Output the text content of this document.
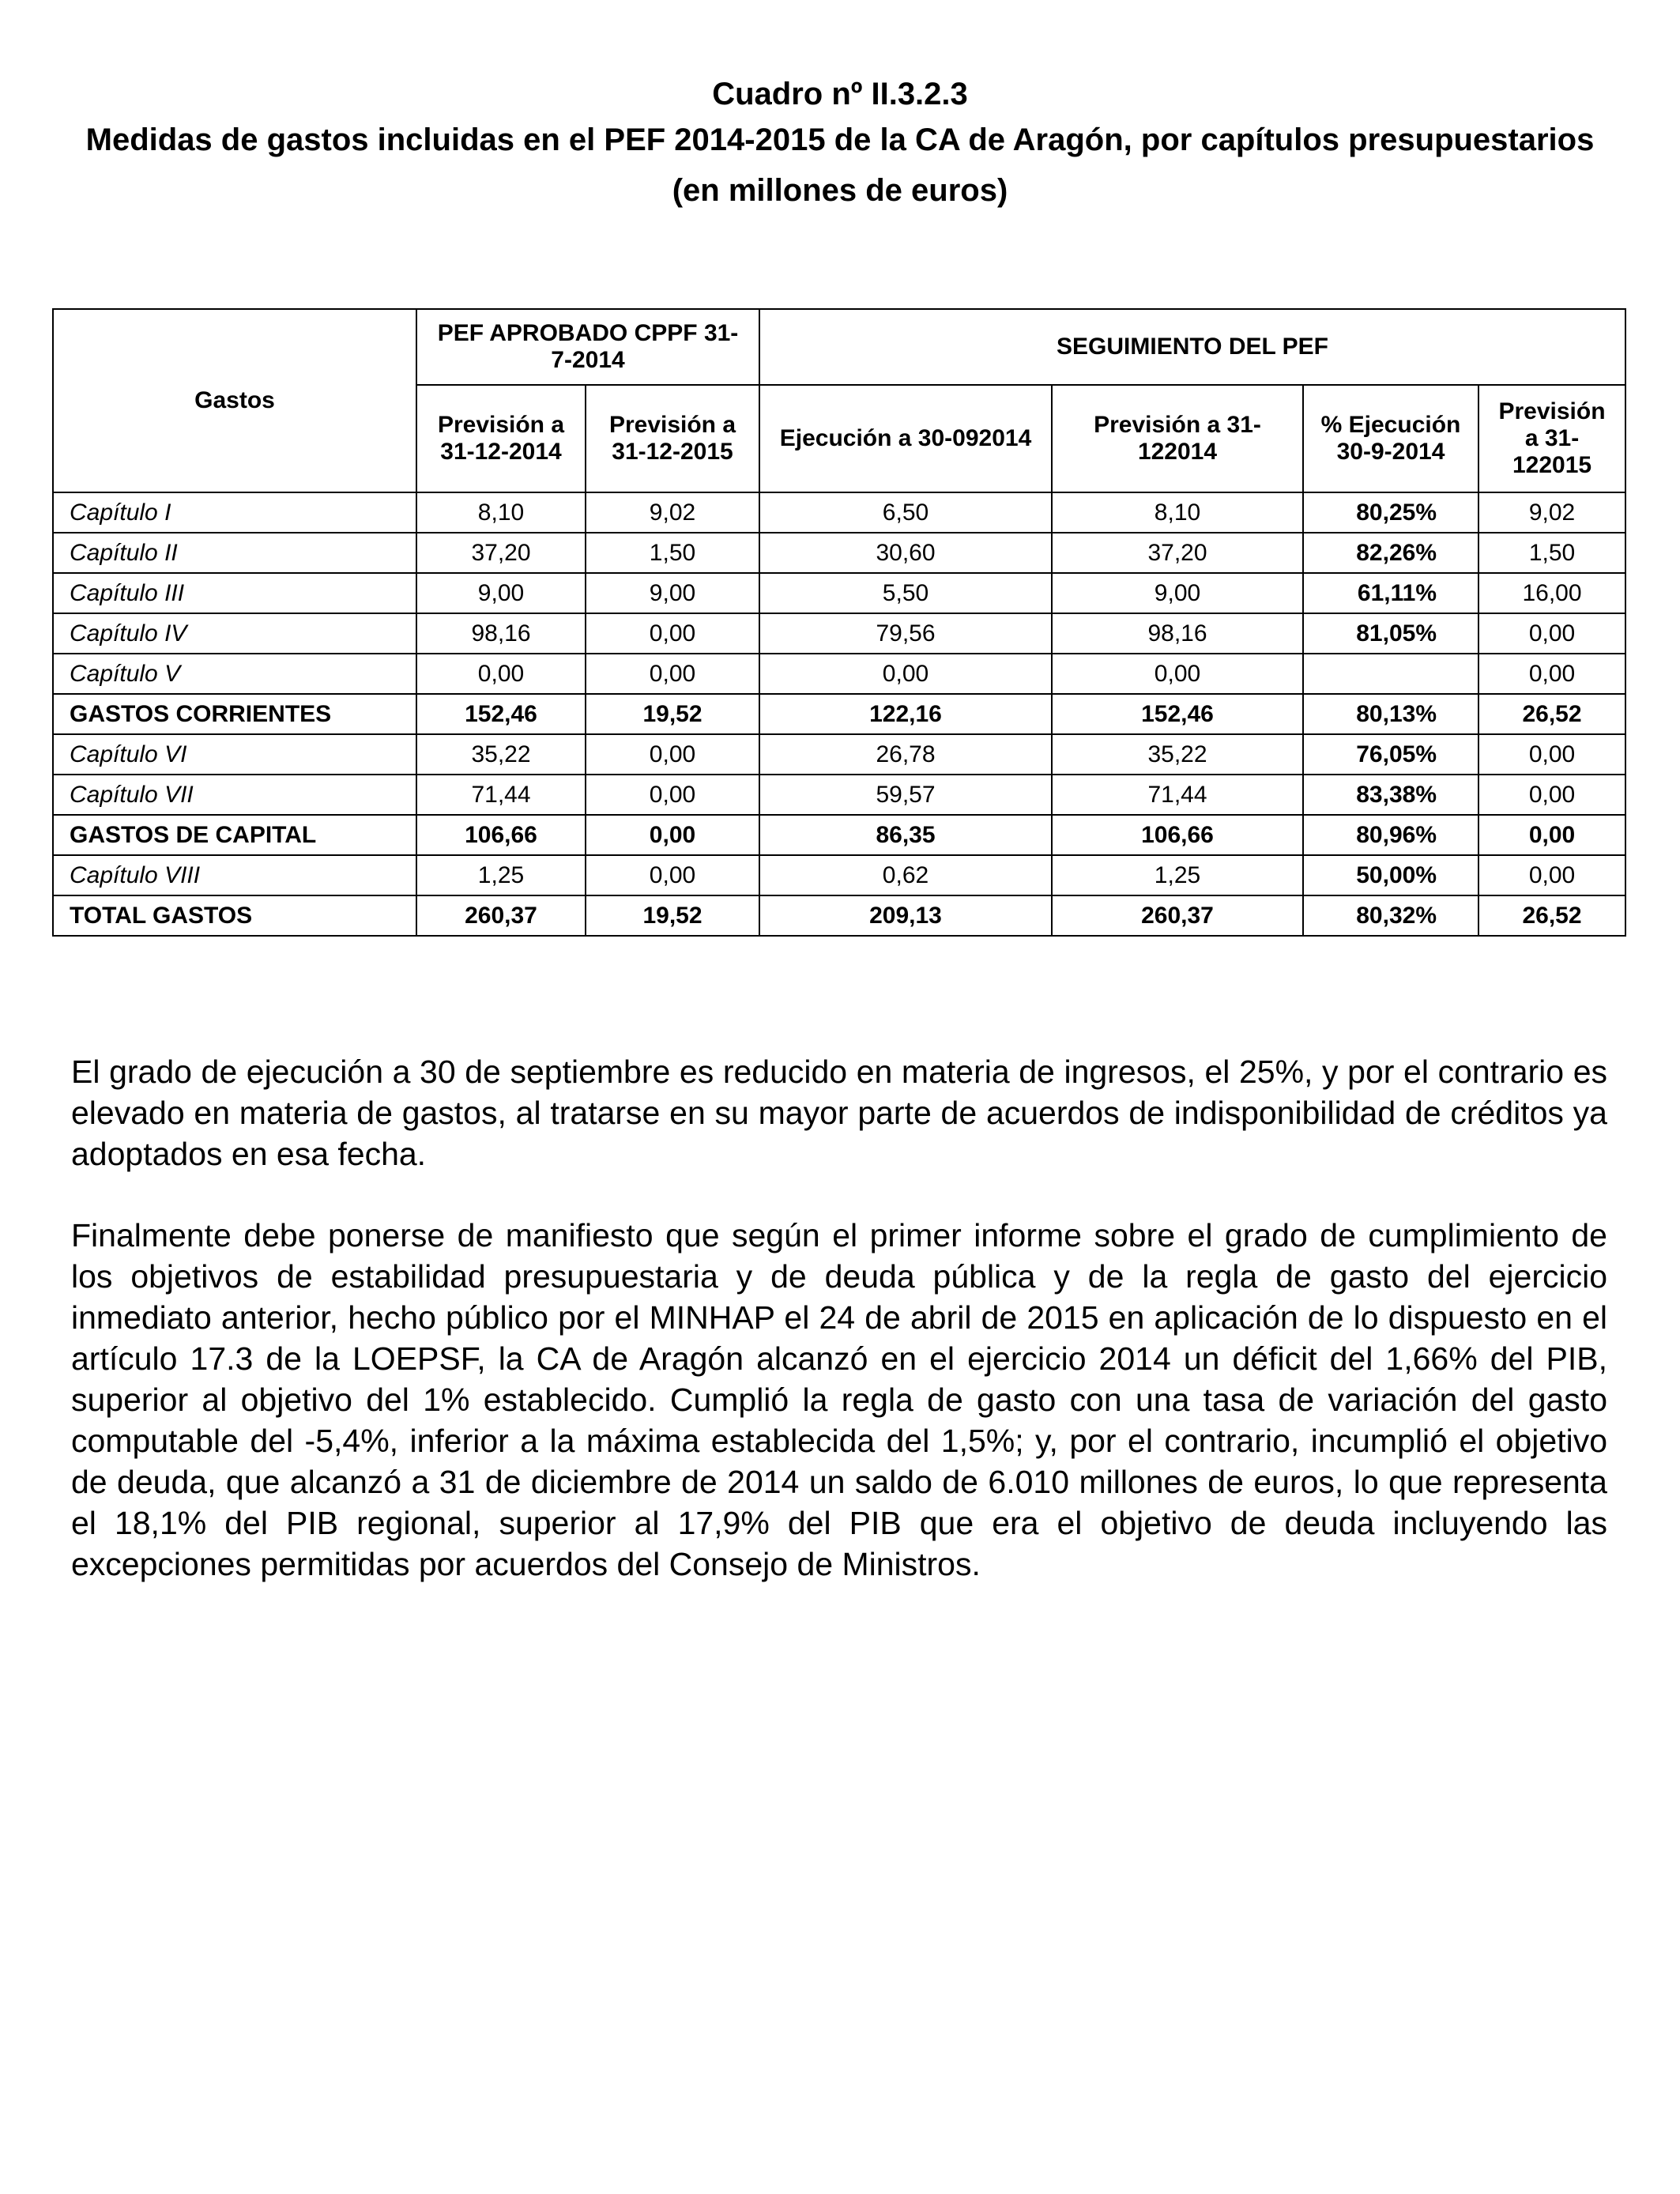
Cuadro nº II.3.2.3
Medidas de gastos incluidas en el PEF 2014-2015 de la CA de Aragón, por capítulos presupuestarios
(en millones de euros)
Gastos	PEF APROBADO CPPF 31-7-2014		SEGUIMIENTO DEL PEF			
	Previsión a 31-12-2014	Previsión a 31-12-2015	Ejecución a 30-092014	Previsión a 31-122014	% Ejecución 30-9-2014	Previsión a 31-122015
Capítulo I	8,10	9,02	6,50	8,10	80,25%	9,02
Capítulo II	37,20	1,50	30,60	37,20	82,26%	1,50
Capítulo III	9,00	9,00	5,50	9,00	61,11%	16,00
Capítulo IV	98,16	0,00	79,56	98,16	81,05%	0,00
Capítulo V	0,00	0,00	0,00	0,00		0,00
GASTOS CORRIENTES	152,46	19,52	122,16	152,46	80,13%	26,52
Capítulo VI	35,22	0,00	26,78	35,22	76,05%	0,00
Capítulo VII	71,44	0,00	59,57	71,44	83,38%	0,00
GASTOS DE CAPITAL	106,66	0,00	86,35	106,66	80,96%	0,00
Capítulo VIII	1,25	0,00	0,62	1,25	50,00%	0,00
TOTAL GASTOS	260,37	19,52	209,13	260,37	80,32%	26,52

El grado de ejecución a 30 de septiembre es reducido en materia de ingresos, el 25%, y por el contrario es elevado en materia de gastos, al tratarse en su mayor parte de acuerdos de indisponibilidad de créditos ya adoptados en esa fecha.

Finalmente debe ponerse de manifiesto que según el primer informe sobre el grado de cumplimiento de los objetivos de estabilidad presupuestaria y de deuda pública y de la regla de gasto del ejercicio inmediato anterior, hecho público por el MINHAP el 24 de abril de 2015 en aplicación de lo dispuesto en el artículo 17.3 de la LOEPSF, la CA de Aragón alcanzó en el ejercicio 2014 un déficit del 1,66% del PIB, superior al objetivo del 1% establecido. Cumplió la regla de gasto con una tasa de variación del gasto computable del -5,4%, inferior a la máxima establecida del 1,5%; y, por el contrario, incumplió el objetivo de deuda, que alcanzó a 31 de diciembre de 2014 un saldo de 6.010 millones de euros, lo que representa el 18,1% del PIB regional, superior al 17,9% del PIB que era el objetivo de deuda incluyendo las excepciones permitidas por acuerdos del Consejo de Ministros.
